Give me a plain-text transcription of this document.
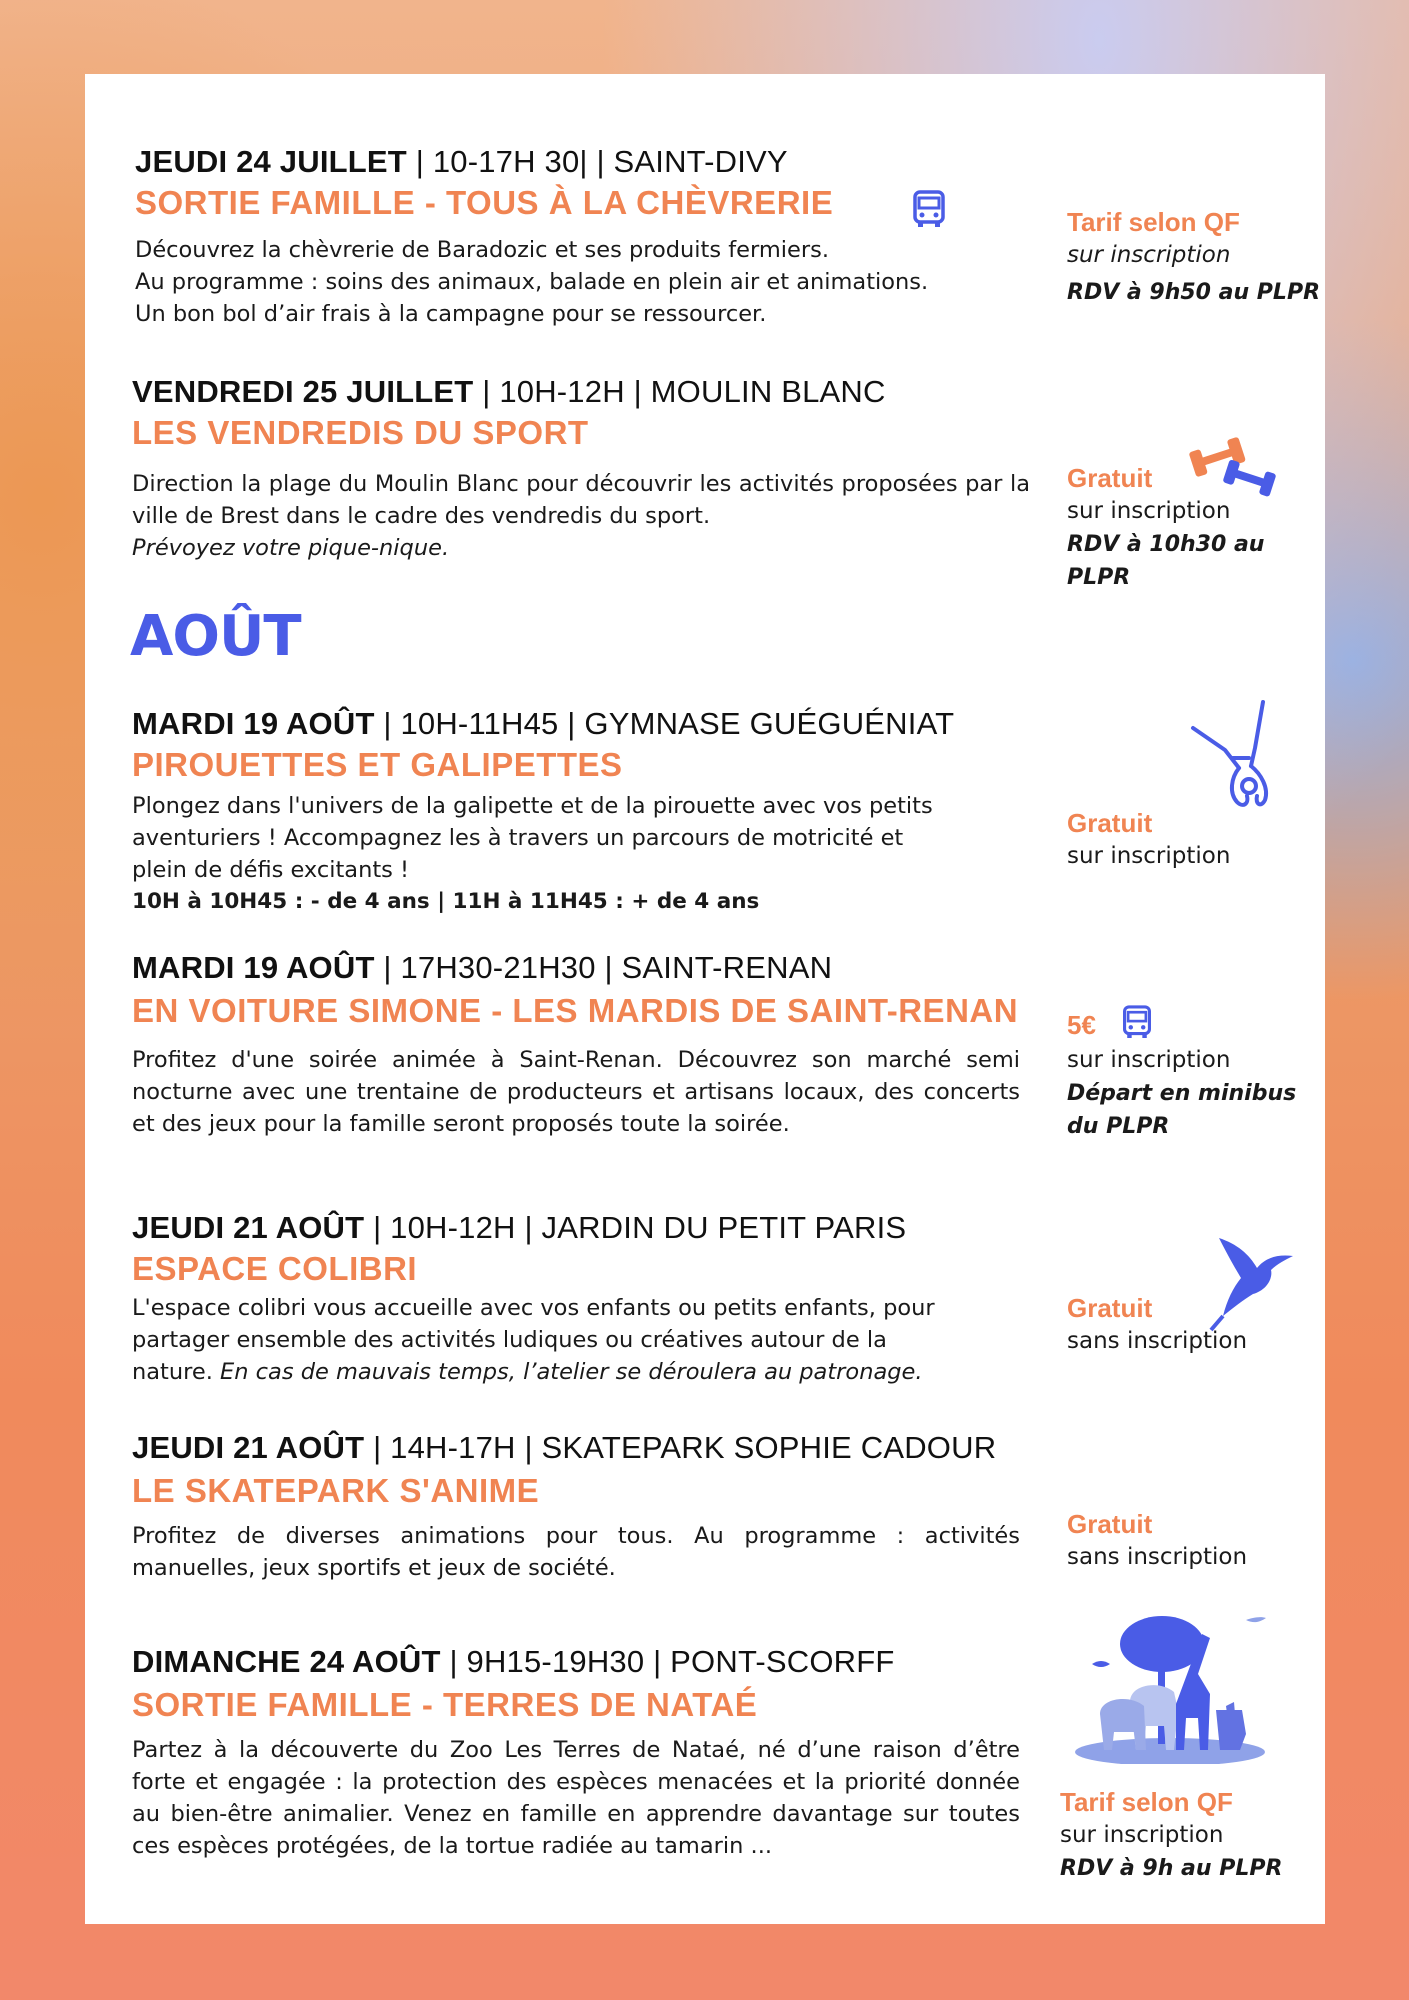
JEUDI 24 JUILLET | 10-17H 30| | SAINT-DIVY
SORTIE FAMILLE - TOUS À LA CHÈVRERIE
Découvrez la chèvrerie de Baradozic et ses produits fermiers.
Au programme : soins des animaux, balade en plein air et animations.
Un bon bol d’air frais à la campagne pour se ressourcer.
Tarif selon QF
sur inscription
RDV à 9h50 au PLPR
VENDREDI 25 JUILLET | 10H-12H | MOULIN BLANC
LES VENDREDIS DU SPORT
Direction la plage du Moulin Blanc pour découvrir les activités proposées par la ville de Brest dans le cadre des vendredis du sport.
Prévoyez votre pique-nique.
Gratuit
sur inscription
RDV à 10h30 au
PLPR
AOÛT
MARDI 19 AOÛT | 10H-11H45 | GYMNASE GUÉGUÉNIAT
PIROUETTES ET GALIPETTES
Plongez dans l'univers de la galipette et de la pirouette avec vos petits
aventuriers ! Accompagnez les à travers un parcours de motricité et
plein de défis excitants !
10H à 10H45 : - de 4 ans | 11H à 11H45 : + de 4 ans
Gratuit
sur inscription
MARDI 19 AOÛT | 17H30-21H30 | SAINT-RENAN
EN VOITURE SIMONE - LES MARDIS DE SAINT-RENAN
Profitez d'une soirée animée à Saint-Renan. Découvrez son marché semi nocturne avec une trentaine de producteurs et artisans locaux, des concerts et des jeux pour la famille seront proposés toute la soirée.
5€
sur inscription
Départ en minibus
du PLPR
JEUDI 21 AOÛT | 10H-12H | JARDIN DU PETIT PARIS
ESPACE COLIBRI
L'espace colibri vous accueille avec vos enfants ou petits enfants, pour
partager ensemble des activités ludiques ou créatives autour de la
nature. En cas de mauvais temps, l’atelier se déroulera au patronage.
Gratuit
sans inscription
JEUDI 21 AOÛT | 14H-17H | SKATEPARK SOPHIE CADOUR
LE SKATEPARK S'ANIME
Profitez de diverses animations pour tous. Au programme : activités manuelles, jeux sportifs et jeux de société.
Gratuit
sans inscription
DIMANCHE 24 AOÛT | 9H15-19H30 | PONT-SCORFF
SORTIE FAMILLE - TERRES DE NATAÉ
Partez à la découverte du Zoo Les Terres de Nataé, né d’une raison d’être forte et engagée : la protection des espèces menacées et la priorité donnée au bien-être animalier. Venez en famille en apprendre davantage sur toutes ces espèces protégées, de la tortue radiée au tamarin ...
Tarif selon QF
sur inscription
RDV à 9h au PLPR
